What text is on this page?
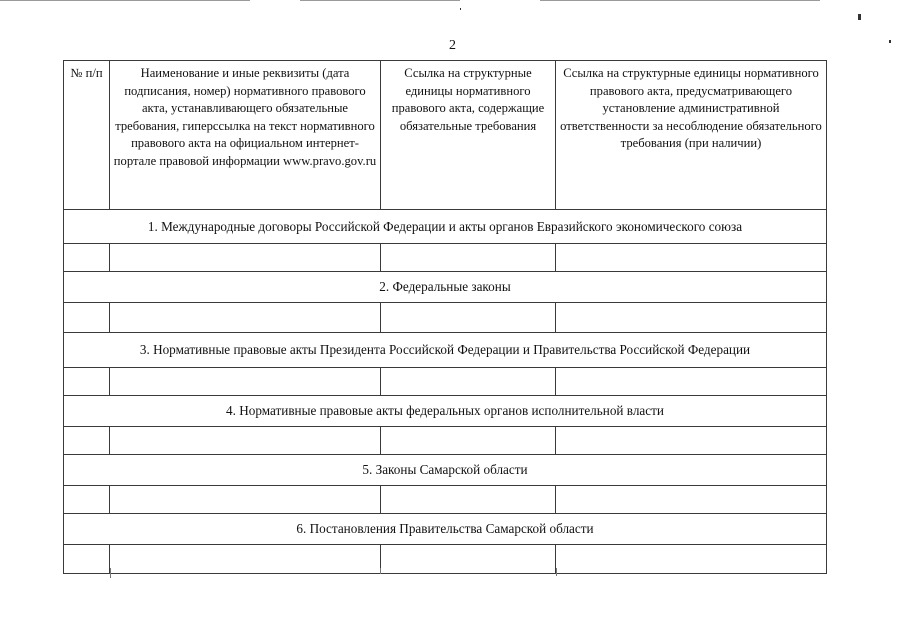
2
№ п/п	Наименование и иные реквизиты (дата подписания, номер) нормативного правового акта, устанавливающего обязательные требования, гиперссылка на текст нормативного правового акта на официальном интернет-портале правовой информации www.pravo.gov.ru	Ссылка на структурные единицы нормативного правового акта, содержащие обязательные требования	Ссылка на структурные единицы нормативного правового акта, предусматривающего установление административной ответственности за несоблюдение обязательного требования (при наличии)
1. Международные договоры Российской Федерации и акты органов Евразийского экономического союза			

2. Федеральные законы			

3. Нормативные правовые акты Президента Российской Федерации и Правительства Российской Федерации			

4. Нормативные правовые акты федеральных органов исполнительной власти			

5. Законы Самарской области			

6. Постановления Правительства Самарской области			
